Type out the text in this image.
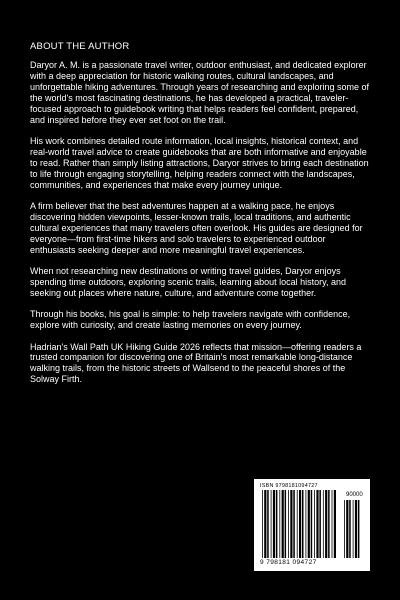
ABOUT THE AUTHOR

Daryor A. M. is a passionate travel writer, outdoor enthusiast, and dedicated explorer with a deep appreciation for historic walking routes, cultural landscapes, and unforgettable hiking adventures. Through years of researching and exploring some of the world's most fascinating destinations, he has developed a practical, traveler-focused approach to guidebook writing that helps readers feel confident, prepared, and inspired before they ever set foot on the trail.

His work combines detailed route information, local insights, historical context, and real-world travel advice to create guidebooks that are both informative and enjoyable to read. Rather than simply listing attractions, Daryor strives to bring each destination to life through engaging storytelling, helping readers connect with the landscapes, communities, and experiences that make every journey unique.

A firm believer that the best adventures happen at a walking pace, he enjoys discovering hidden viewpoints, lesser-known trails, local traditions, and authentic cultural experiences that many travelers often overlook. His guides are designed for everyone—from first-time hikers and solo travelers to experienced outdoor enthusiasts seeking deeper and more meaningful travel experiences.

When not researching new destinations or writing travel guides, Daryor enjoys spending time outdoors, exploring scenic trails, learning about local history, and seeking out places where nature, culture, and adventure come together.

Through his books, his goal is simple: to help travelers navigate with confidence, explore with curiosity, and create lasting memories on every journey.

Hadrian's Wall Path UK Hiking Guide 2026 reflects that mission—offering readers a trusted companion for discovering one of Britain's most remarkable long-distance walking trails, from the historic streets of Wallsend to the peaceful shores of the Solway Firth.

ISBN 9798181094727
90000
9 798181 094727
